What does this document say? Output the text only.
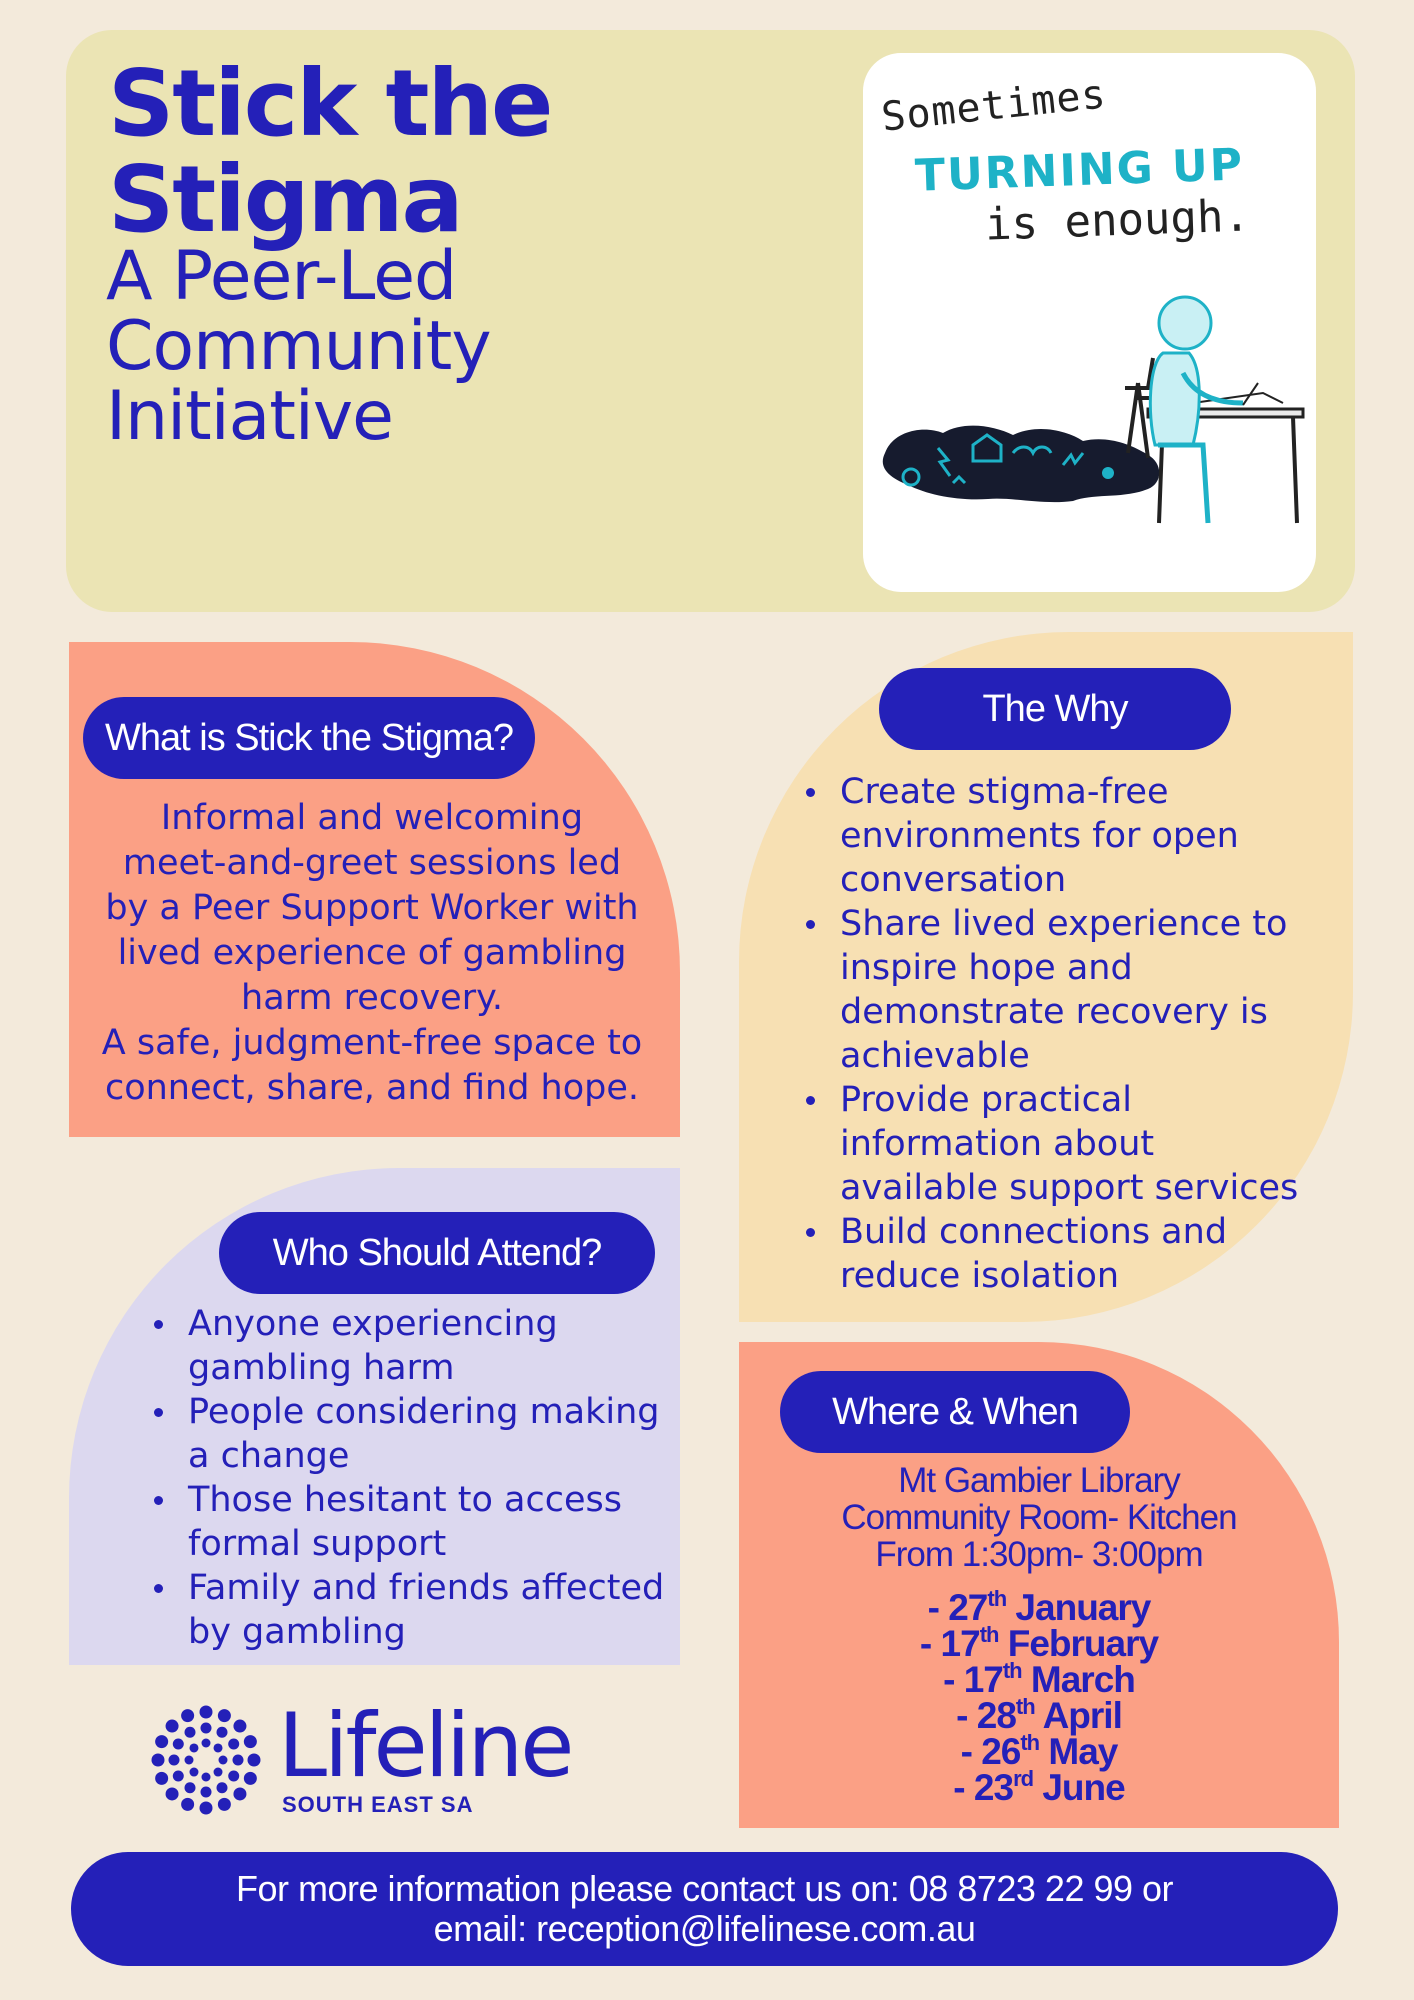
Stick the
Stigma
A Peer-Led
Community
Initiative
Sometimes
TURNING UP
is enough.
What is Stick the Stigma?
Informal and welcoming
meet-and-greet sessions led
by a Peer Support Worker with
lived experience of gambling
harm recovery.
A safe, judgment-free space to
connect, share, and find hope.
The Why
Create stigma-free environments for open conversation
Share lived experience to inspire hope and demonstrate recovery is achievable
Provide practical information about available support services
Build connections and reduce isolation
Who Should Attend?
Anyone experiencing gambling harm
People considering making a change
Those hesitant to access formal support
Family and friends affected by gambling
Where & When
Mt Gambier Library
Community Room- Kitchen
From 1:30pm- 3:00pm
- 27th January
- 17th February
- 17th March
- 28th April
- 26th May
- 23rd June
Lifeline
SOUTH EAST SA
For more information please contact us on: 08 8723 22 99 or
email: reception@lifelinese.com.au
